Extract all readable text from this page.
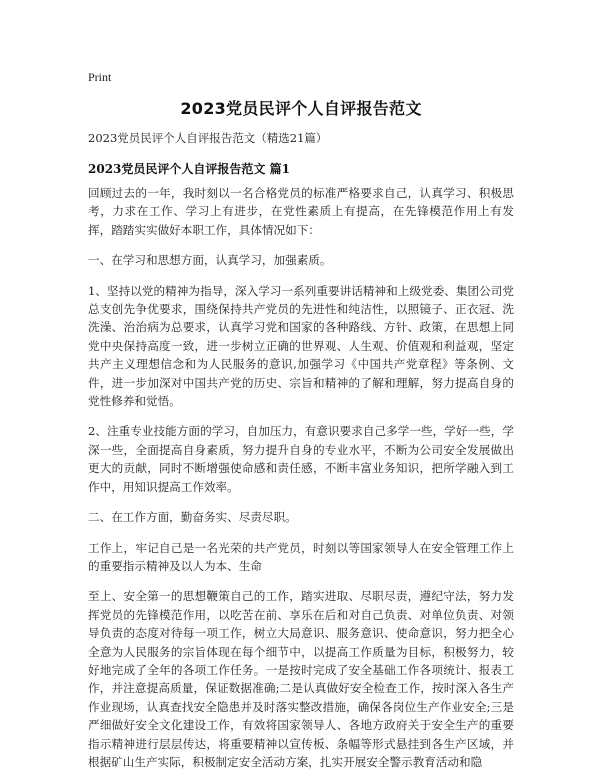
Print
2023党员民评个人自评报告范文
2023党员民评个人自评报告范文（精选21篇）
2023党员民评个人自评报告范文 篇1

回顾过去的一年，我时刻以一名合格党员的标准严格要求自己，认真学习、积极思考，力求在工作、学习上有进步，在党性素质上有提高，在先锋模范作用上有发挥，踏踏实实做好本职工作，具体情况如下：

一、在学习和思想方面，认真学习，加强素质。

1、坚持以党的精神为指导，深入学习一系列重要讲话精神和上级党委、集团公司党总支创先争优要求，围绕保持共产党员的先进性和纯洁性，以照镜子、正衣冠、洗洗澡、治治病为总要求，认真学习党和国家的各种路线、方针、政策，在思想上同党中央保持高度一致，进一步树立正确的世界观、人生观、价值观和利益观，坚定共产主义理想信念和为人民服务的意识,加强学习《中国共产党章程》等条例、文件，进一步加深对中国共产党的历史、宗旨和精神的了解和理解，努力提高自身的党性修养和觉悟。

2、注重专业技能方面的学习，自加压力，有意识要求自己多学一些，学好一些，学深一些，全面提高自身素质，努力提升自身的专业水平，不断为公司安全发展做出更大的贡献，同时不断增强使命感和责任感，不断丰富业务知识，把所学融入到工作中，用知识提高工作效率。

二、在工作方面，勤奋务实、尽责尽职。

工作上，牢记自己是一名光荣的共产党员，时刻以等国家领导人在安全管理工作上的重要指示精神及以人为本、生命

至上、安全第一的思想鞭策自己的工作，踏实进取、尽职尽责，遵纪守法，努力发挥党员的先锋模范作用，以吃苦在前、享乐在后和对自己负责、对单位负责、对领导负责的态度对待每一项工作，树立大局意识、服务意识、使命意识，努力把全心全意为人民服务的宗旨体现在每个细节中，以提高工作质量为目标，积极努力，较好地完成了全年的各项工作任务。一是按时完成了安全基础工作各项统计、报表工作，并注意提高质量，保证数据准确;二是认真做好安全检查工作，按时深入各生产作业现场，认真查找安全隐患并及时落实整改措施，确保各岗位生产作业安全;三是严细做好安全文化建设工作，有效将国家领导人、各地方政府关于安全生产的重要指示精神进行层层传达，将重要精神以宣传板、条幅等形式悬挂到各生产区域，并根据矿山生产实际，积极制定安全活动方案，扎实开展安全警示教育活动和隐
